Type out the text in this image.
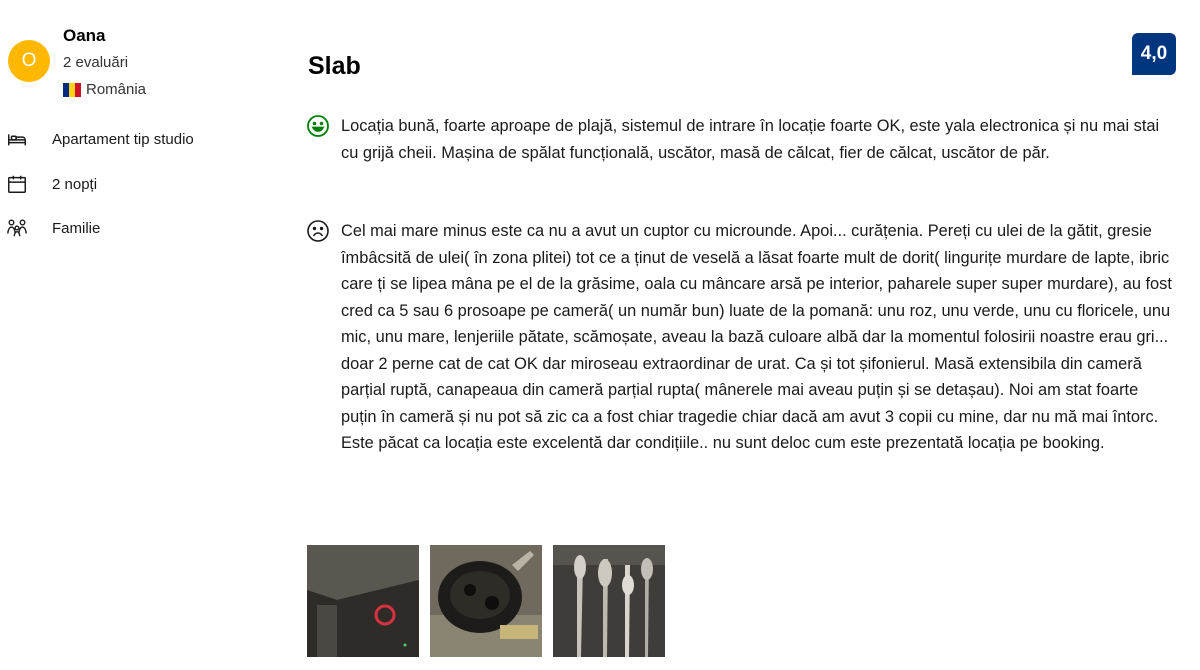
O
Oana
2 evaluări
România
Apartament tip studio
2 nopți
Familie
Slab	4,0
Locația bună, foarte aproape de plajă, sistemul de intrare în locație foarte OK, este yala electronica și nu mai stai cu grijă cheii. Mașina de spălat funcțională, uscător, masă de călcat, fier de călcat, uscător de păr.
Cel mai mare minus este ca nu a avut un cuptor cu microunde. Apoi... curățenia. Pereți cu ulei de la gătit, gresie îmbâcsită de ulei( în zona plitei) tot ce a ținut de veselă a lăsat foarte mult de dorit( lingurițe murdare de lapte, ibric care ți se lipea mâna pe el de la grăsime, oala cu mâncare arsă pe interior, paharele super super murdare), au fost cred ca 5 sau 6 prosoape pe cameră( un număr bun) luate de la pomană: unu roz, unu verde, unu cu floricele, unu mic, unu mare, lenjeriile pătate, scămoșate, aveau la bază culoare albă dar la momentul folosirii noastre erau gri... doar 2 perne cat de cat OK dar miroseau extraordinar de urat. Ca și tot șifonierul. Masă extensibila din cameră parțial ruptă, canapeaua din cameră parțial rupta( mânerele mai aveau puțin și se detașau). Noi am stat foarte puțin în cameră și nu pot să zic ca a fost chiar tragedie chiar dacă am avut 3 copii cu mine, dar nu mă mai întorc. Este păcat ca locația este excelentă dar condițiile.. nu sunt deloc cum este prezentată locația pe booking.
